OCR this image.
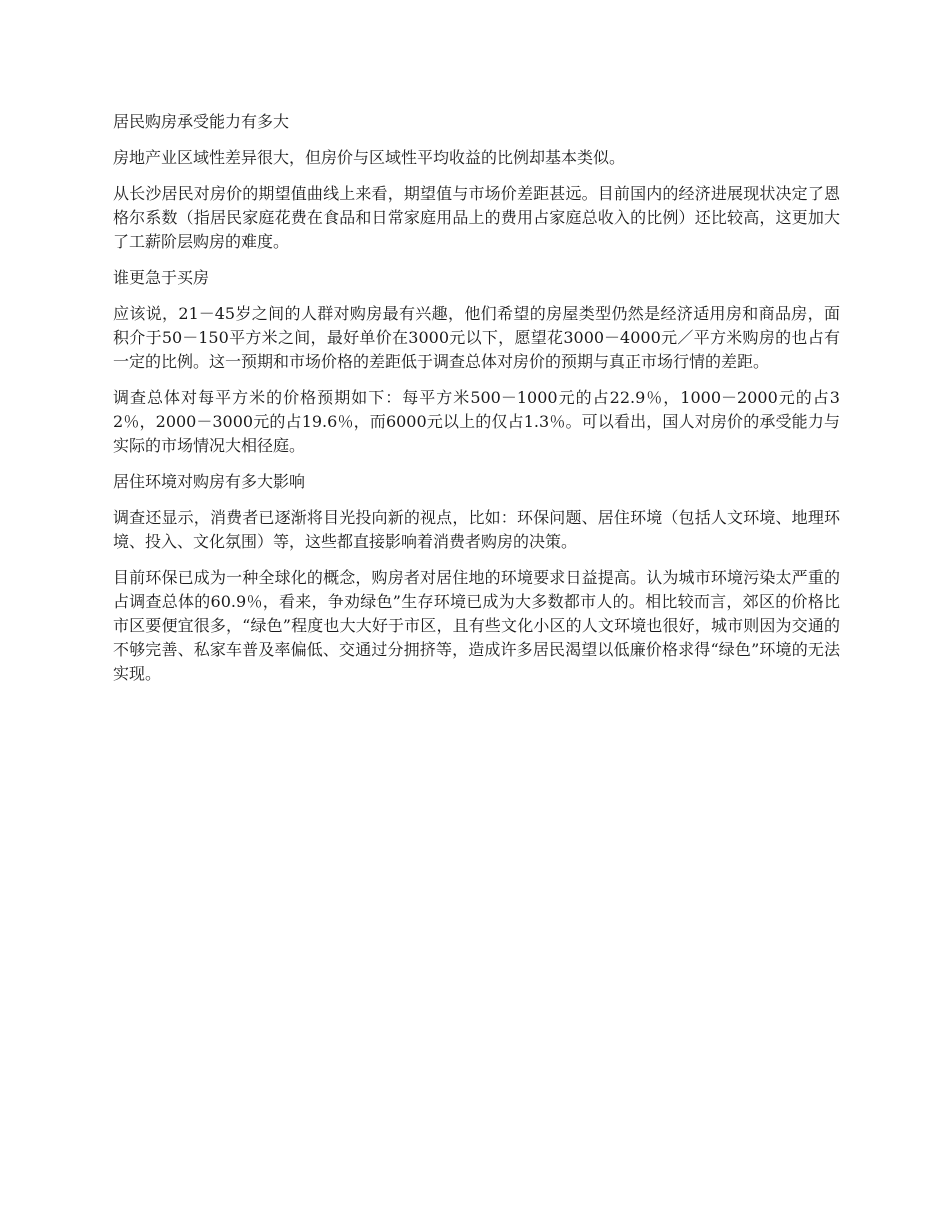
居民购房承受能力有多大

房地产业区域性差异很大，但房价与区域性平均收益的比例却基本类似。

从长沙居民对房价的期望值曲线上来看，期望值与市场价差距甚远。目前国内的经济进展现状决定了恩格尔系数（指居民家庭花费在食品和日常家庭用品上的费用占家庭总收入的比例）还比较高，这更加大了工薪阶层购房的难度。

谁更急于买房

应该说，21－45岁之间的人群对购房最有兴趣，他们希望的房屋类型仍然是经济适用房和商品房，面积介于50－150平方米之间，最好单价在3000元以下，愿望花3000－4000元／平方米购房的也占有一定的比例。这一预期和市场价格的差距低于调查总体对房价的预期与真正市场行情的差距。

调查总体对每平方米的价格预期如下：每平方米500－1000元的占22.9％，1000－2000元的占32％，2000－3000元的占19.6％，而6000元以上的仅占1.3％。可以看出，国人对房价的承受能力与实际的市场情况大相径庭。

居住环境对购房有多大影响

调查还显示，消费者已逐渐将目光投向新的视点，比如：环保问题、居住环境（包括人文环境、地理环境、投入、文化氛围）等，这些都直接影响着消费者购房的决策。

目前环保已成为一种全球化的概念，购房者对居住地的环境要求日益提高。认为城市环境污染太严重的占调查总体的60.9％，看来，争劝绿色”生存环境已成为大多数都市人的。相比较而言，郊区的价格比市区要便宜很多，“绿色”程度也大大好于市区，且有些文化小区的人文环境也很好，城市则因为交通的不够完善、私家车普及率偏低、交通过分拥挤等，造成许多居民渴望以低廉价格求得“绿色”环境的无法实现。
